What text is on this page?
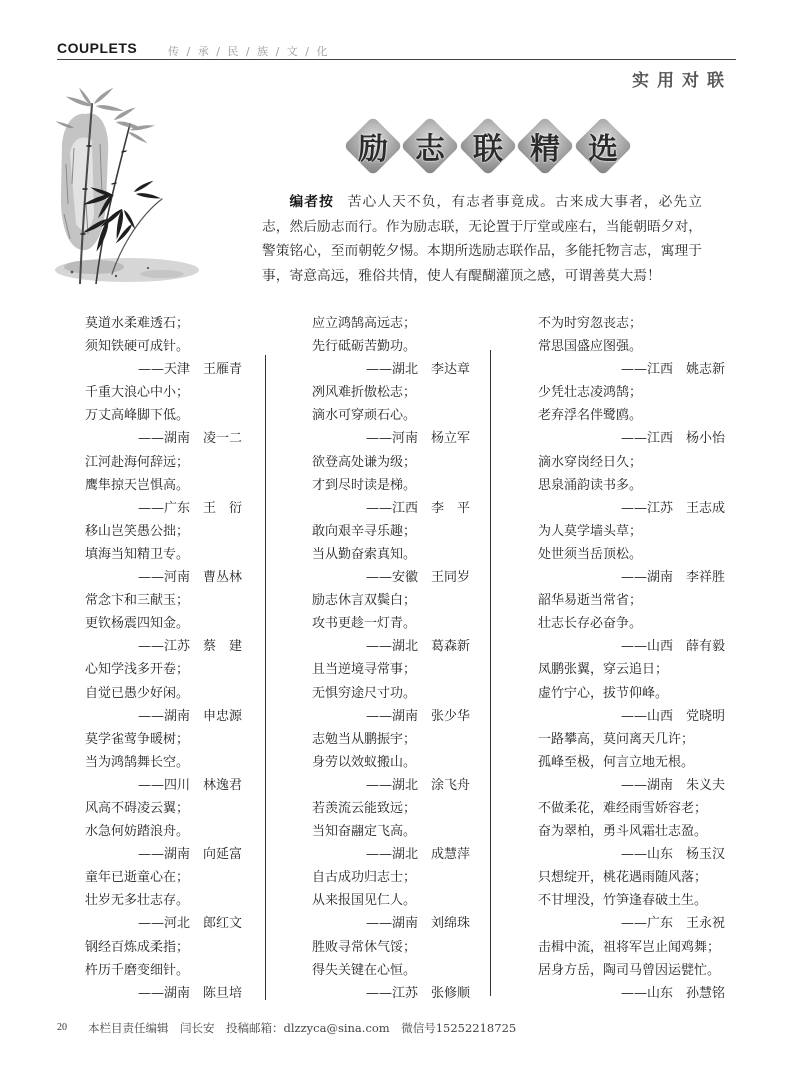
COUPLETS	传 / 承 / 民 / 族 / 文 / 化
实用对联
励 志 联 精 选
编者按 苦心人天不负，有志者事竟成。古来成大事者，必先立志，然后励志而行。作为励志联，无论置于厅堂或座右，当能朝晤夕对，警策铭心，至而朝乾夕惕。本期所选励志联作品，多能托物言志，寓理于事，寄意高远，雅俗共情，使人有醍醐灌顶之感，可谓善莫大焉！
莫道水柔难透石；
须知铁硬可成针。
——天津　王雁青
千重大浪心中小；
万丈高峰脚下低。
——湖南　凌一二
江河赴海何辞远；
鹰隼掠天岂惧高。
——广东　王　衍
移山岂笑愚公拙；
填海当知精卫专。
——河南　曹丛林
常念卞和三献玉；
更钦杨震四知金。
——江苏　蔡　建
心知学浅多开卷；
自觉已愚少好闲。
——湖南　申忠源
莫学雀莺争暖树；
当为鸿鹄舞长空。
——四川　林逸君
风高不碍凌云翼；
水急何妨踏浪舟。
——湖南　向延富
童年已逝童心在；
壮岁无多壮志存。
——河北　郎红文
钢经百炼成柔指；
杵历千磨变细针。
——湖南　陈旦培
应立鸿鹄高远志；
先行砥砺苦勤功。
——湖北　李达章
冽风难折傲松志；
滴水可穿顽石心。
——河南　杨立军
欲登高处谦为级；
才到尽时读是梯。
——江西　李　平
敢向艰辛寻乐趣；
当从勤奋索真知。
——安徽　王同岁
励志休言双鬓白；
攻书更趁一灯青。
——湖北　葛森新
且当逆境寻常事；
无惧穷途尺寸功。
——湖南　张少华
志勉当从鹏振宇；
身劳以效蚁搬山。
——湖北　涂飞舟
若羡流云能致远；
当知奋翮定飞高。
——湖北　成慧萍
自古成功归志士；
从来报国见仁人。
——湖南　刘绵珠
胜败寻常休气馁；
得失关键在心恒。
——江苏　张修顺
不为时穷忽丧志；
常思国盛应图强。
——江西　姚志新
少凭壮志凌鸿鹄；
老弃浮名伴鹭鸥。
——江西　杨小怡
滴水穿岗经日久；
思泉涌韵读书多。
——江苏　王志成
为人莫学墙头草；
处世须当岳顶松。
——湖南　李祥胜
韶华易逝当常省；
壮志长存必奋争。
——山西　薛有毅
凤鹏张翼，穿云追日；
虚竹宁心，拔节仰峰。
——山西　党晓明
一路攀高，莫问离天几许；
孤峰至极，何言立地无根。
——湖南　朱义夫
不做柔花，难经雨雪娇容老；
奋为翠柏，勇斗风霜壮志盈。
——山东　杨玉汉
只想绽开，桃花遇雨随风落；
不甘埋没，竹笋逢春破土生。
——广东　王永祝
击楫中流，祖将军岂止闻鸡舞；
居身方岳，陶司马曾因运甓忙。
——山东　孙慧铭
20 本栏目责任编辑　闫长安　投稿邮箱：dlzzyca@sina.com　微信号15252218725
